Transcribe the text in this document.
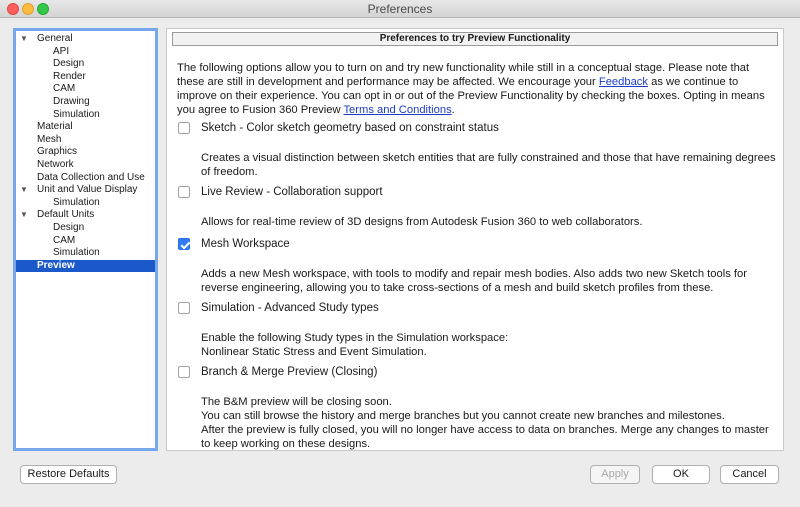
Preferences
▼ General
API
Design
Render
CAM
Drawing
Simulation
Material
Mesh
Graphics
Network
Data Collection and Use
▼ Unit and Value Display
Simulation
▼ Default Units
Design
CAM
Simulation
Preview
Preferences to try Preview Functionality
The following options allow you to turn on and try new functionality while still in a conceptual stage. Please note that these are still in development and performance may be affected. We encourage your Feedback as we continue to improve on their experience. You can opt in or out of the Preview Functionality by checking the boxes. Opting in means you agree to Fusion 360 Preview Terms and Conditions.
Sketch - Color sketch geometry based on constraint status
Creates a visual distinction between sketch entities that are fully constrained and those that have remaining degrees of freedom.
Live Review - Collaboration support
Allows for real-time review of 3D designs from Autodesk Fusion 360 to web collaborators.
Mesh Workspace
Adds a new Mesh workspace, with tools to modify and repair mesh bodies. Also adds two new Sketch tools for reverse engineering, allowing you to take cross-sections of a mesh and build sketch profiles from these.
Simulation - Advanced Study types
Enable the following Study types in the Simulation workspace:
Nonlinear Static Stress and Event Simulation.
Branch & Merge Preview (Closing)
The B&M preview will be closing soon.
You can still browse the history and merge branches but you cannot create new branches and milestones.
After the preview is fully closed, you will no longer have access to data on branches. Merge any changes to master to keep working on these designs.
Restore Defaults	Apply	OK	Cancel
